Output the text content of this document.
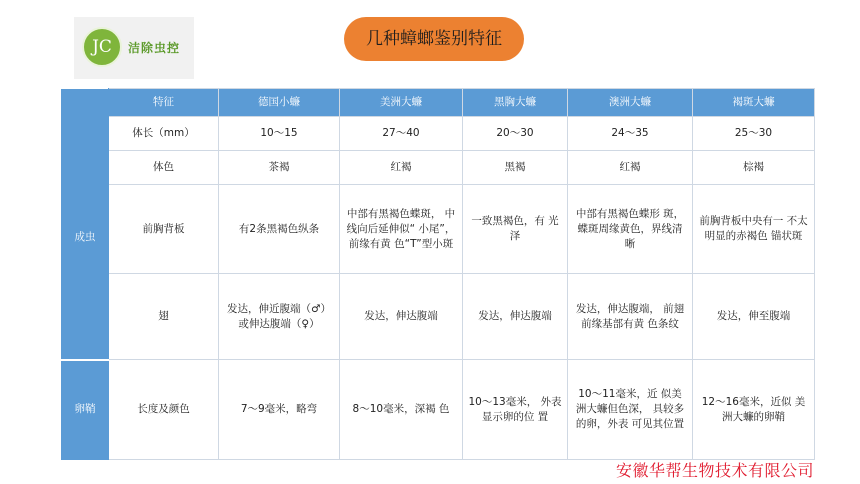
JC	洁除虫控	几种蟑螂鉴别特征
	特征	德国小蠊	美洲大蠊	黑胸大蠊	澳洲大蠊	褐斑大蠊
成虫	体长（mm）	10～15	27～40	20～30	24～35	25～30
	体色	茶褐	红褐	黑褐	红褐	棕褐
	前胸背板	有2条黑褐色纵条	中部有黑褐色蝶斑， 中线向后延伸似“ 小尾”，前缘有黄 色“T”型小斑	一致黑褐色，有 光泽	中部有黑褐色蝶形 斑，蝶斑周缘黄色，界线清晰	前胸背板中央有一 不太明显的赤褐色 锚状斑
	翅	发达，伸近腹端（♂） 或伸达腹端（♀）	发达，伸达腹端	发达，伸达腹端	发达，伸达腹端， 前翅前缘基部有黄 色条纹	发达，伸至腹端
卵鞘	长度及颜色	7～9毫米，略弯	8～10毫米，深褐 色	10～13毫米， 外表 显示卵的位 置	10～11毫米，近 似美洲大蠊但色深， 具较多的卵，外表 可见其位置	12～16毫米，近似 美洲大蠊的卵鞘
安徽华帮生物技术有限公司
